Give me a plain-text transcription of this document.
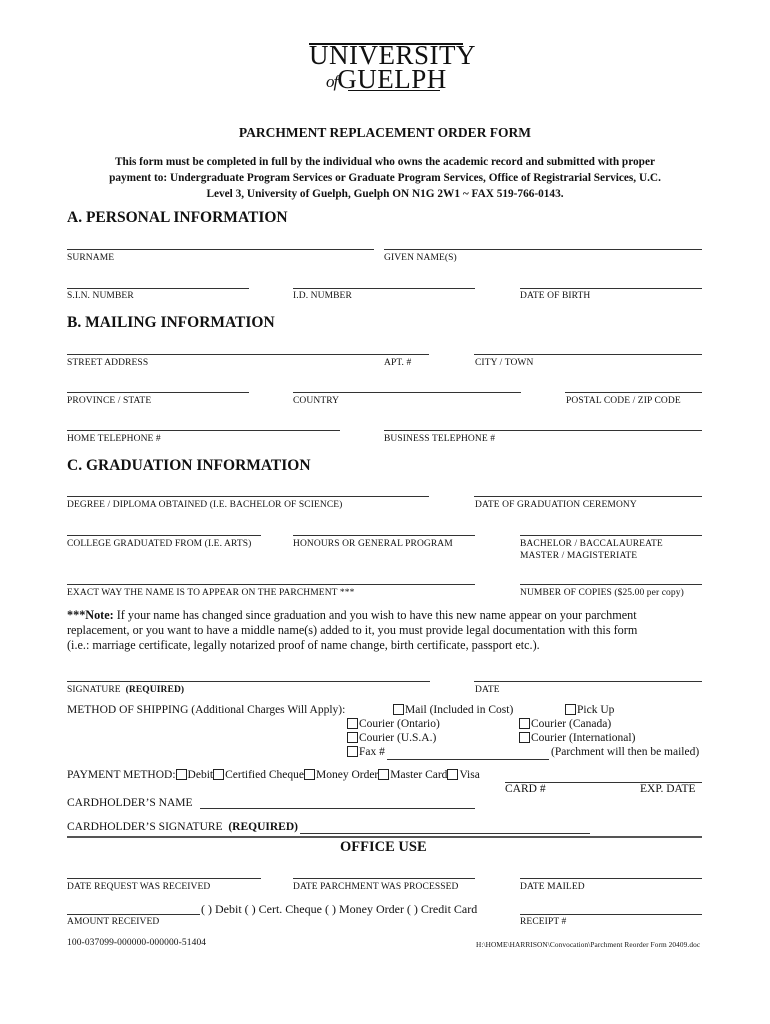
UNIVERSITY
ofGUELPH
PARCHMENT REPLACEMENT ORDER FORM
This form must be completed in full by the individual who owns the academic record and submitted with proper
payment to: Undergraduate Program Services or Graduate Program Services, Office of Registrarial Services, U.C.
Level 3, University of Guelph, Guelph ON N1G 2W1 ~ FAX 519-766-0143.
A. PERSONAL INFORMATION
SURNAME	GIVEN NAME(S)
S.I.N. NUMBER	I.D. NUMBER	DATE OF BIRTH
B. MAILING INFORMATION
STREET ADDRESS	APT. #	CITY / TOWN
PROVINCE / STATE	COUNTRY	POSTAL CODE / ZIP CODE
HOME TELEPHONE #	BUSINESS TELEPHONE #
C. GRADUATION INFORMATION
DEGREE / DIPLOMA OBTAINED (I.E. BACHELOR OF SCIENCE)	DATE OF GRADUATION CEREMONY
COLLEGE GRADUATED FROM (I.E. ARTS)	HONOURS OR GENERAL PROGRAM	BACHELOR / BACCALAUREATE
MASTER / MAGISTERIATE
EXACT WAY THE NAME IS TO APPEAR ON THE PARCHMENT ***	NUMBER OF COPIES ($25.00 per copy)
***Note: If your name has changed since graduation and you wish to have this new name appear on your parchment
replacement, or you want to have a middle name(s) added to it, you must provide legal documentation with this form
(i.e.: marriage certificate, legally notarized proof of name change, birth certificate, passport etc.).
SIGNATURE (REQUIRED)	DATE
METHOD OF SHIPPING (Additional Charges Will Apply):	Mail (Included in Cost)	Pick Up
Courier (Ontario)	Courier (Canada)
Courier (U.S.A.)	Courier (International)
Fax #	(Parchment will then be mailed)
PAYMENT METHOD: Debit Certified Cheque Money Order Master Card Visa
CARD #	EXP. DATE
CARDHOLDER’S NAME
CARDHOLDER’S SIGNATURE (REQUIRED)
OFFICE USE
DATE REQUEST WAS RECEIVED	DATE PARCHMENT WAS PROCESSED	DATE MAILED
( ) Debit ( ) Cert. Cheque ( ) Money Order ( ) Credit Card
AMOUNT RECEIVED	RECEIPT #
100-037099-000000-000000-51404	H:\HOME\HARRISON\Convocation\Parchment Reorder Form 20409.doc
